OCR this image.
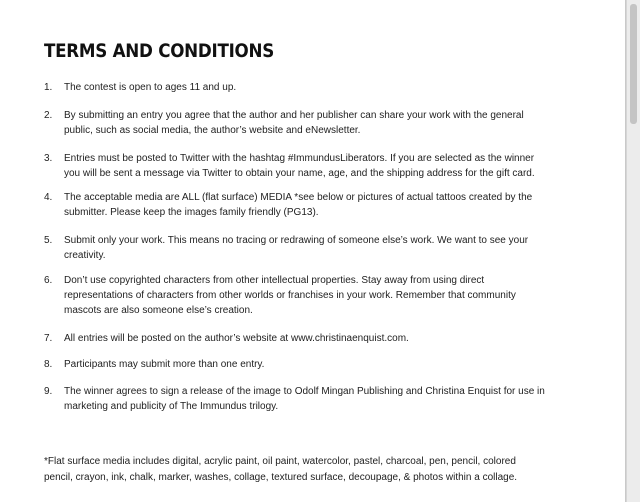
TERMS AND CONDITIONS
1.	The contest is open to ages 11 and up.
2.	By submitting an entry you agree that the author and her publisher can share your work with the general
public, such as social media, the author’s website and eNewsletter.
3.	Entries must be posted to Twitter with the hashtag #ImmundusLiberators. If you are selected as the winner
you will be sent a message via Twitter to obtain your name, age, and the shipping address for the gift card.
4.	The acceptable media are ALL (flat surface) MEDIA *see below or pictures of actual tattoos created by the
submitter. Please keep the images family friendly (PG13).
5.	Submit only your work. This means no tracing or redrawing of someone else’s work. We want to see your
creativity.
6.	Don’t use copyrighted characters from other intellectual properties. Stay away from using direct
representations of characters from other worlds or franchises in your work. Remember that community
mascots are also someone else’s creation.
7.	All entries will be posted on the author’s website at www.christinaenquist.com.
8.	Participants may submit more than one entry.
9.	The winner agrees to sign a release of the image to Odolf Mingan Publishing and Christina Enquist for use in
marketing and publicity of The Immundus trilogy.

*Flat surface media includes digital, acrylic paint, oil paint, watercolor, pastel, charcoal, pen, pencil, colored
pencil, crayon, ink, chalk, marker, washes, collage, textured surface, decoupage, & photos within a collage.
